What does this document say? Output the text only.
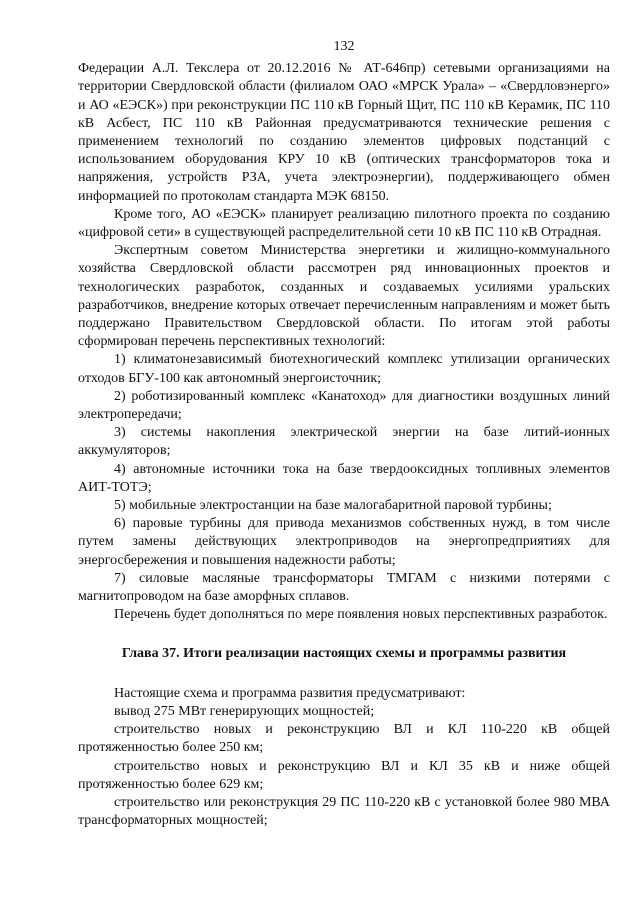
132

Федерации А.Л. Текслера от 20.12.2016 № АТ-646пр) сетевыми организациями на территории Свердловской области (филиалом ОАО «МРСК Урала» – «Свердловэнерго» и АО «ЕЭСК») при реконструкции ПС 110 кВ Горный Щит, ПС 110 кВ Керамик, ПС 110 кВ Асбест, ПС 110 кВ Районная предусматриваются технические решения с применением технологий по созданию элементов цифровых подстанций с использованием оборудования КРУ 10 кВ (оптических трансформаторов тока и напряжения, устройств РЗА, учета электроэнергии), поддерживающего обмен информацией по протоколам стандарта МЭК 68150.

Кроме того, АО «ЕЭСК» планирует реализацию пилотного проекта по созданию «цифровой сети» в существующей распределительной сети 10 кВ ПС 110 кВ Отрадная.

Экспертным советом Министерства энергетики и жилищно-коммунального хозяйства Свердловской области рассмотрен ряд инновационных проектов и технологических разработок, созданных и создаваемых усилиями уральских разработчиков, внедрение которых отвечает перечисленным направлениям и может быть поддержано Правительством Свердловской области. По итогам этой работы сформирован перечень перспективных технологий:

1) климатонезависимый биотехногический комплекс утилизации органических отходов БГУ-100 как автономный энергоисточник;

2) роботизированный комплекс «Канатоход» для диагностики воздушных линий электропередачи;

3) системы накопления электрической энергии на базе литий-ионных аккумуляторов;

4) автономные источники тока на базе твердооксидных топливных элементов АИТ-ТОТЭ;

5) мобильные электростанции на базе малогабаритной паровой турбины;

6) паровые турбины для привода механизмов собственных нужд, в том числе путем замены действующих электроприводов на энергопредприятиях для энергосбережения и повышения надежности работы;

7) силовые масляные трансформаторы ТМГАМ с низкими потерями с магнитопроводом на базе аморфных сплавов.

Перечень будет дополняться по мере появления новых перспективных разработок.

Глава 37. Итоги реализации настоящих схемы и программы развития

Настоящие схема и программа развития предусматривают:

вывод 275 МВт генерирующих мощностей;

строительство новых и реконструкцию ВЛ и КЛ 110-220 кВ общей протяженностью более 250 км;

строительство новых и реконструкцию ВЛ и КЛ 35 кВ и ниже общей протяженностью более 629 км;

строительство или реконструкция 29 ПС 110-220 кВ с установкой более 980 МВА трансформаторных мощностей;
